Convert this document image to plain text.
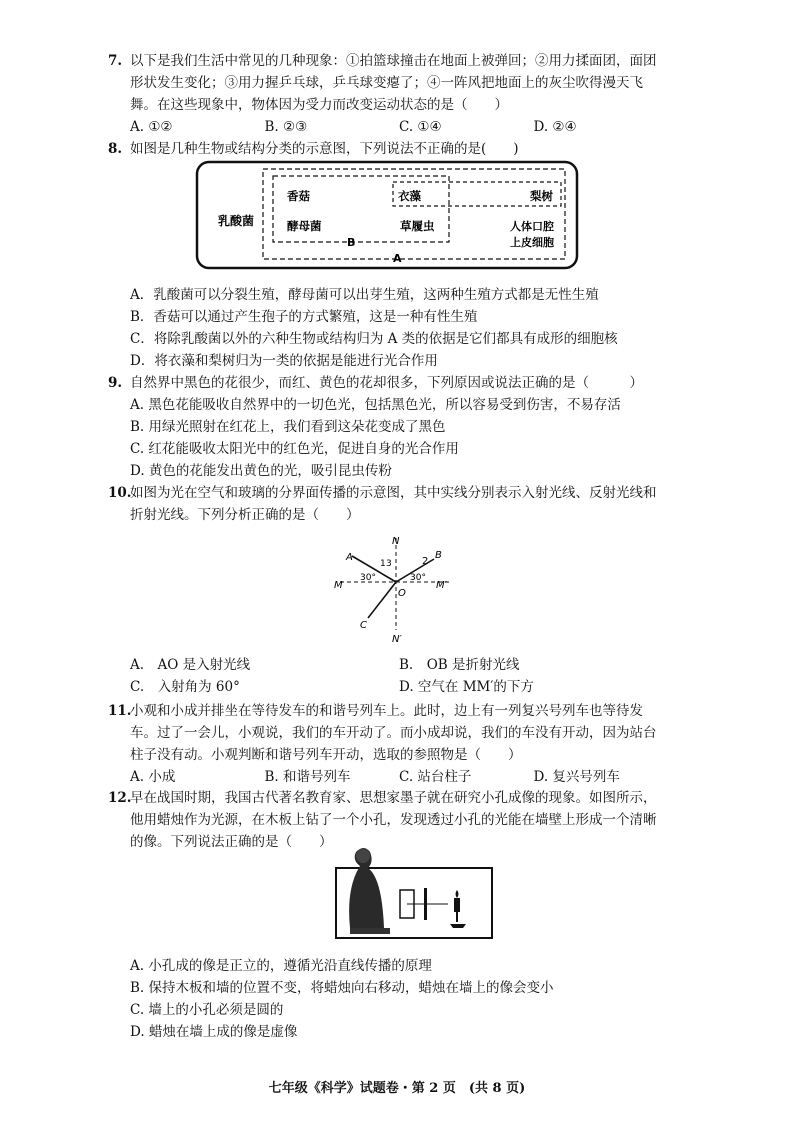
7. 以下是我们生活中常见的几种现象：①拍篮球撞击在地面上被弹回；②用力揉面团，面团形状发生变化；③用力握乒乓球，乒乓球变瘪了；④一阵风把地面上的灰尘吹得漫天飞舞。在这些现象中，物体因为受力而改变运动状态的是（　　）
A. ①②	B. ②③	C. ①④	D. ②④
8. 如图是几种生物或结构分类的示意图，下列说法不正确的是(　　)
乳酸菌
香菇	衣藻	梨树
酵母菌	草履虫	人体口腔
上皮细胞
B
A
A．乳酸菌可以分裂生殖，酵母菌可以出芽生殖，这两种生殖方式都是无性生殖
B．香菇可以通过产生孢子的方式繁殖，这是一种有性生殖
C．将除乳酸菌以外的六种生物或结构归为 A 类的依据是它们都具有成形的细胞核
D．将衣藻和梨树归为一类的依据是能进行光合作用
9. 自然界中黑色的花很少，而红、黄色的花却很多，下列原因或说法正确的是（　　　）
A. 黑色花能吸收自然界中的一切色光，包括黑色光，所以容易受到伤害，不易存活
B. 用绿光照射在红花上，我们看到这朵花变成了黑色
C. 红花能吸收太阳光中的红色光，促进自身的光合作用
D. 黄色的花能发出黄色的光，吸引昆虫传粉
10.如图为光在空气和玻璃的分界面传播的示意图，其中实线分别表示入射光线、反射光线和折射光线。下列分析正确的是（　　）
N
A	B
C
O
M	M′
N′
1	2
3
30°	30°
A.　AO 是入射光线	B.　OB 是折射光线
C.　入射角为 60°	D. 空气在 MM′的下方
11.小观和小成并排坐在等待发车的和谐号列车上。此时，边上有一列复兴号列车也等待发车。过了一会儿，小观说，我们的车开动了。而小成却说，我们的车没有开动，因为站台柱子没有动。小观判断和谐号列车开动，选取的参照物是（　　）
A. 小成	B. 和谐号列车	C. 站台柱子	D. 复兴号列车
12.早在战国时期，我国古代著名教育家、思想家墨子就在研究小孔成像的现象。如图所示，他用蜡烛作为光源，在木板上钻了一个小孔，发现透过小孔的光能在墙壁上形成一个清晰的像。下列说法正确的是（　　）
A. 小孔成的像是正立的，遵循光沿直线传播的原理
B. 保持木板和墙的位置不变，将蜡烛向右移动，蜡烛在墙上的像会变小
C. 墙上的小孔必须是圆的
D. 蜡烛在墙上成的像是虚像
七年级《科学》试题卷・第 2 页　(共 8 页)
